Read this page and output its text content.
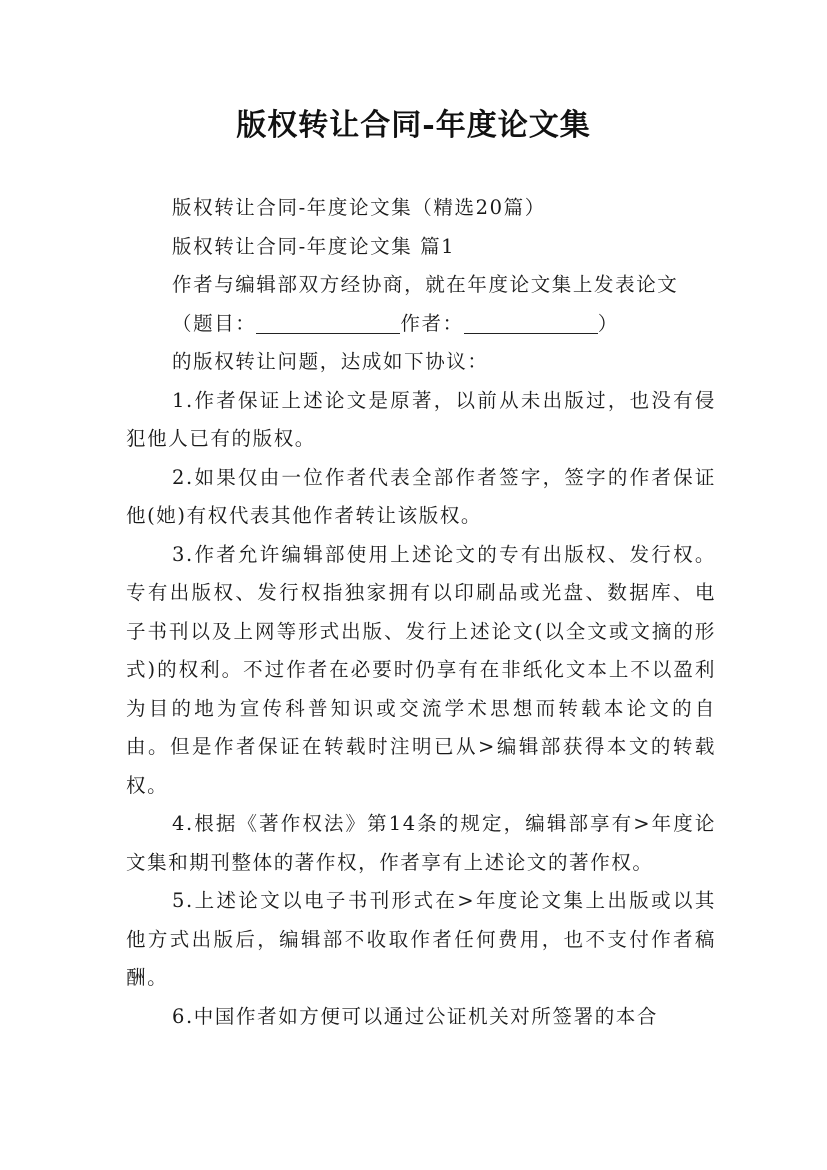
版权转让合同-年度论文集

版权转让合同-年度论文集（精选20篇）

版权转让合同-年度论文集 篇1

作者与编辑部双方经协商，就在年度论文集上发表论文

（题目：	作者：	）

的版权转让问题，达成如下协议：

1.作者保证上述论文是原著，以前从未出版过，也没有侵犯他人已有的版权。

2.如果仅由一位作者代表全部作者签字，签字的作者保证他(她)有权代表其他作者转让该版权。

3.作者允许编辑部使用上述论文的专有出版权、发行权。专有出版权、发行权指独家拥有以印刷品或光盘、数据库、电子书刊以及上网等形式出版、发行上述论文(以全文或文摘的形式)的权利。不过作者在必要时仍享有在非纸化文本上不以盈利为目的地为宣传科普知识或交流学术思想而转载本论文的自由。但是作者保证在转载时注明已从>编辑部获得本文的转载权。

4.根据《著作权法》第14条的规定，编辑部享有>年度论文集和期刊整体的著作权，作者享有上述论文的著作权。

5.上述论文以电子书刊形式在>年度论文集上出版或以其他方式出版后，编辑部不收取作者任何费用，也不支付作者稿酬。

6.中国作者如方便可以通过公证机关对所签署的本合
